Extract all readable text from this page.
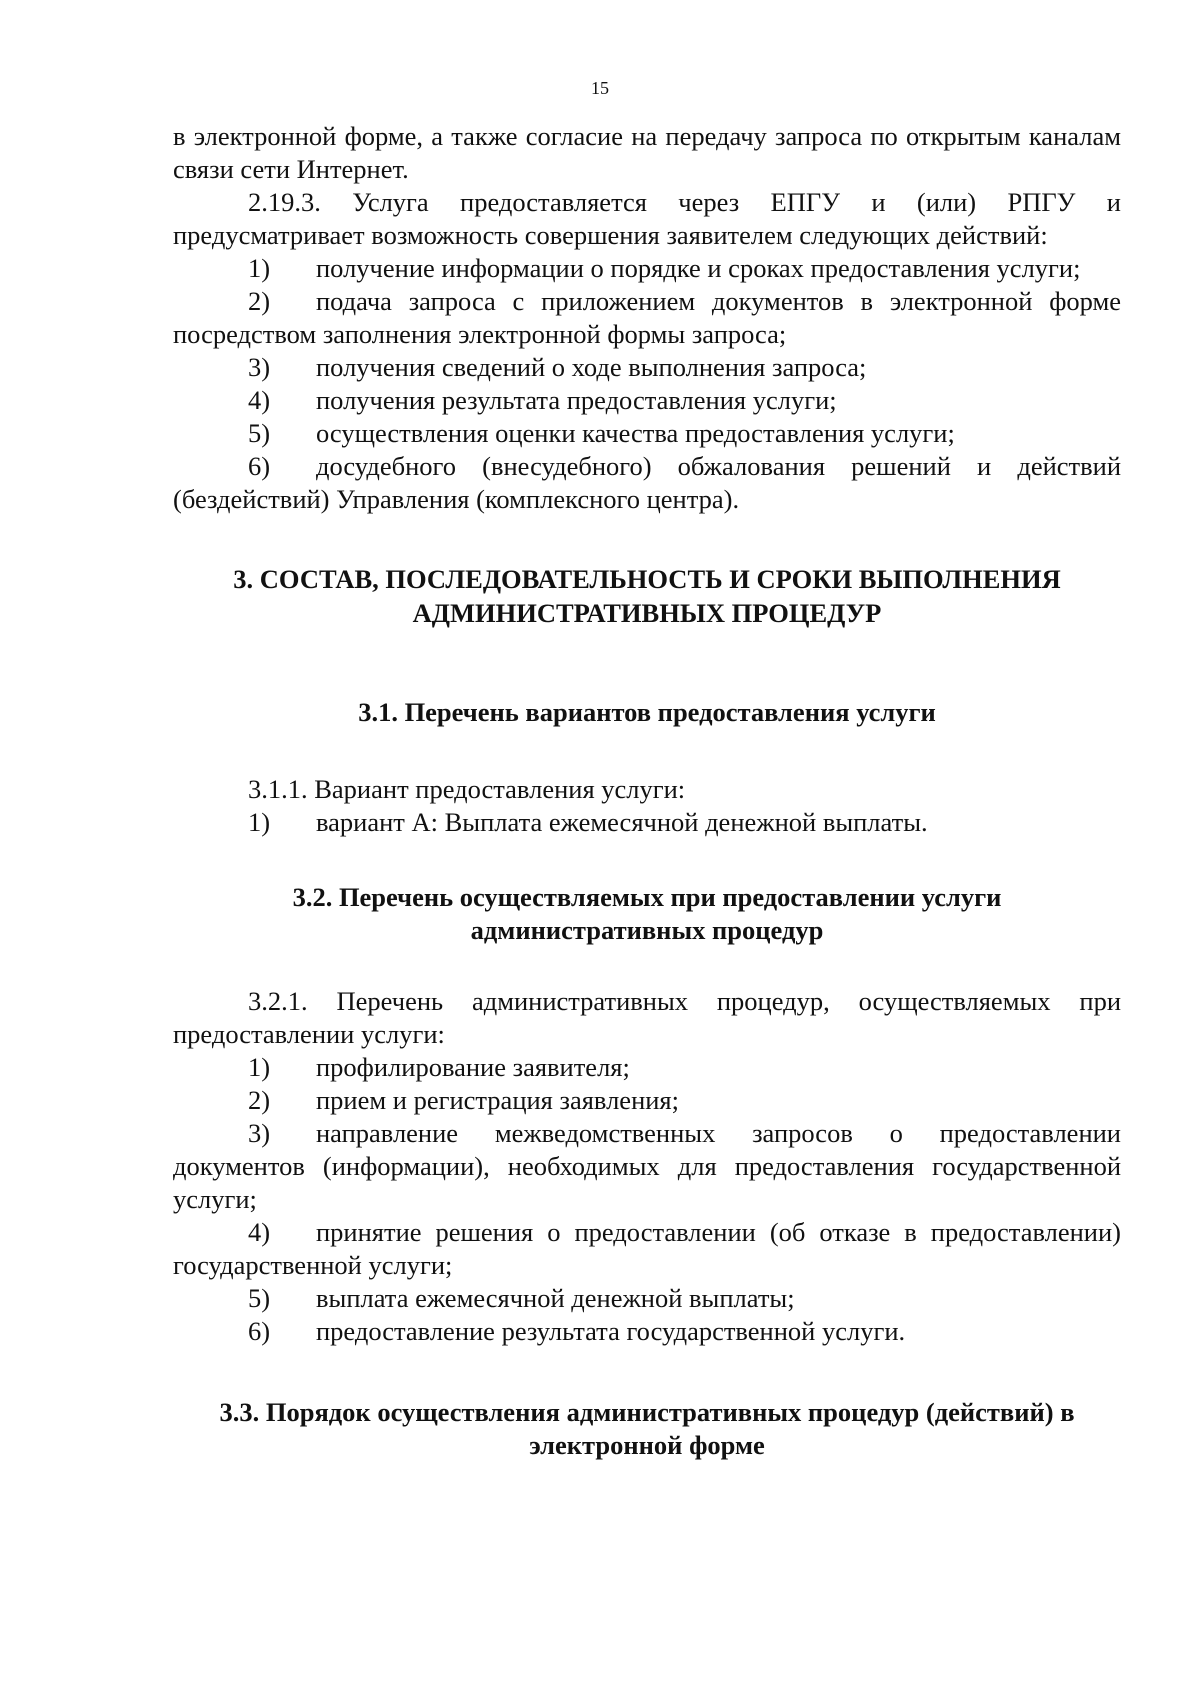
15

в электронной форме, а также согласие на передачу запроса по открытым каналам связи сети Интернет.

2.19.3. Услуга предоставляется через ЕПГУ и (или) РПГУ и предусматривает возможность совершения заявителем следующих действий:

1) получение информации о порядке и сроках предоставления услуги;

2) подача запроса с приложением документов в электронной форме посредством заполнения электронной формы запроса;

3) получения сведений о ходе выполнения запроса;

4) получения результата предоставления услуги;

5) осуществления оценки качества предоставления услуги;

6) досудебного (внесудебного) обжалования решений и действий (бездействий) Управления (комплексного центра).

3. СОСТАВ, ПОСЛЕДОВАТЕЛЬНОСТЬ И СРОКИ ВЫПОЛНЕНИЯ

АДМИНИСТРАТИВНЫХ ПРОЦЕДУР

3.1. Перечень вариантов предоставления услуги

3.1.1. Вариант предоставления услуги:

1) вариант А: Выплата ежемесячной денежной выплаты.

3.2. Перечень осуществляемых при предоставлении услуги

административных процедур

3.2.1. Перечень административных процедур, осуществляемых при предоставлении услуги:

1) профилирование заявителя;

2) прием и регистрация заявления;

3) направление межведомственных запросов о предоставлении документов (информации), необходимых для предоставления государственной услуги;

4) принятие решения о предоставлении (об отказе в предоставлении) государственной услуги;

5) выплата ежемесячной денежной выплаты;

6) предоставление результата государственной услуги.

3.3. Порядок осуществления административных процедур (действий) в

электронной форме
